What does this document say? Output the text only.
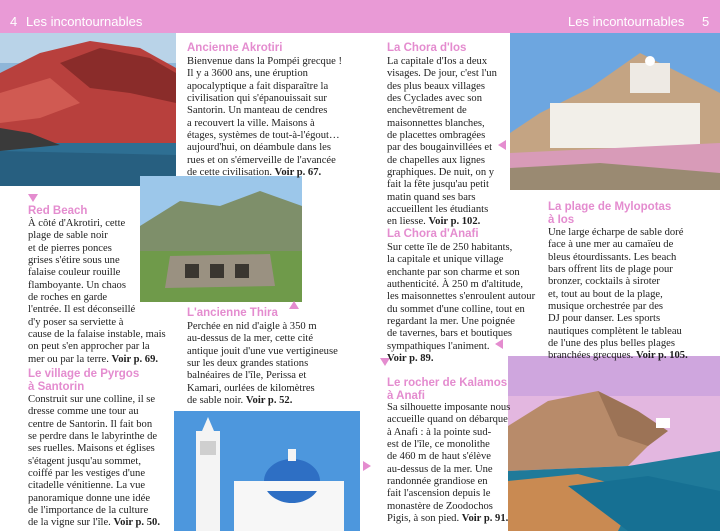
4 Les incontournables	Les incontournables 5
Ancienne Akrotiri
Bienvenue dans la Pompéi grecque !
Il y a 3600 ans, une éruption
apocalyptique a fait disparaître la
civilisation qui s'épanouissait sur
Santorin. Un manteau de cendres
a recouvert la ville. Maisons à
étages, systèmes de tout-à-l'égout…
aujourd'hui, on déambule dans les
rues et on s'émerveille de l'avancée
de cette civilisation. Voir p. 67.
Red Beach
À côté d'Akrotiri, cette
plage de sable noir
et de pierres ponces
grises s'étire sous une
falaise couleur rouille
flamboyante. Un chaos
de roches en garde
l'entrée. Il est déconseillé
d'y poser sa serviette à
cause de la falaise instable, mais
on peut s'en approcher par la
mer ou par la terre. Voir p. 69.
L'ancienne Thira
Perchée en nid d'aigle à 350 m
au-dessus de la mer, cette cité
antique jouit d'une vue vertigineuse
sur les deux grandes stations
balnéaires de l'île, Perissa et
Kamari, ourlées de kilomètres
de sable noir. Voir p. 52.
Le village de Pyrgos
à Santorin
Construit sur une colline, il se
dresse comme une tour au
centre de Santorin. Il fait bon
se perdre dans le labyrinthe de
ses ruelles. Maisons et églises
s'étagent jusqu'au sommet,
coiffé par les vestiges d'une
citadelle vénitienne. La vue
panoramique donne une idée
de l'importance de la culture
de la vigne sur l'île. Voir p. 50.
La Chora d'Ios
La capitale d'Ios a deux
visages. De jour, c'est l'un
des plus beaux villages
des Cyclades avec son
enchevêtrement de
maisonnettes blanches,
de placettes ombragées
par des bougainvillées et
de chapelles aux lignes
graphiques. De nuit, on y
fait la fête jusqu'au petit
matin quand ses bars
accueillent les étudiants
en liesse. Voir p. 102.
La Chora d'Anafi
Sur cette île de 250 habitants,
la capitale et unique village
enchante par son charme et son
authenticité. À 250 m d'altitude,
les maisonnettes s'enroulent autour
du sommet d'une colline, tout en
regardant la mer. Une poignée
de tavernes, bars et boutiques
sympathiques l'animent.
Voir p. 89.
La plage de Mylopotas
à Ios
Une large écharpe de sable doré
face à une mer au camaïeu de
bleus étourdissants. Les beach
bars offrent lits de plage pour
bronzer, cocktails à siroter
et, tout au bout de la plage,
musique orchestrée par des
DJ pour danser. Les sports
nautiques complètent le tableau
de l'une des plus belles plages
branchées grecques. Voir p. 105.
Le rocher de Kalamos
à Anafi
Sa silhouette imposante nous
accueille quand on débarque
à Anafi : à la pointe sud-
est de l'île, ce monolithe
de 460 m de haut s'élève
au-dessus de la mer. Une
randonnée grandiose en
fait l'ascension depuis le
monastère de Zoodochos
Pigis, à son pied. Voir p. 91.
